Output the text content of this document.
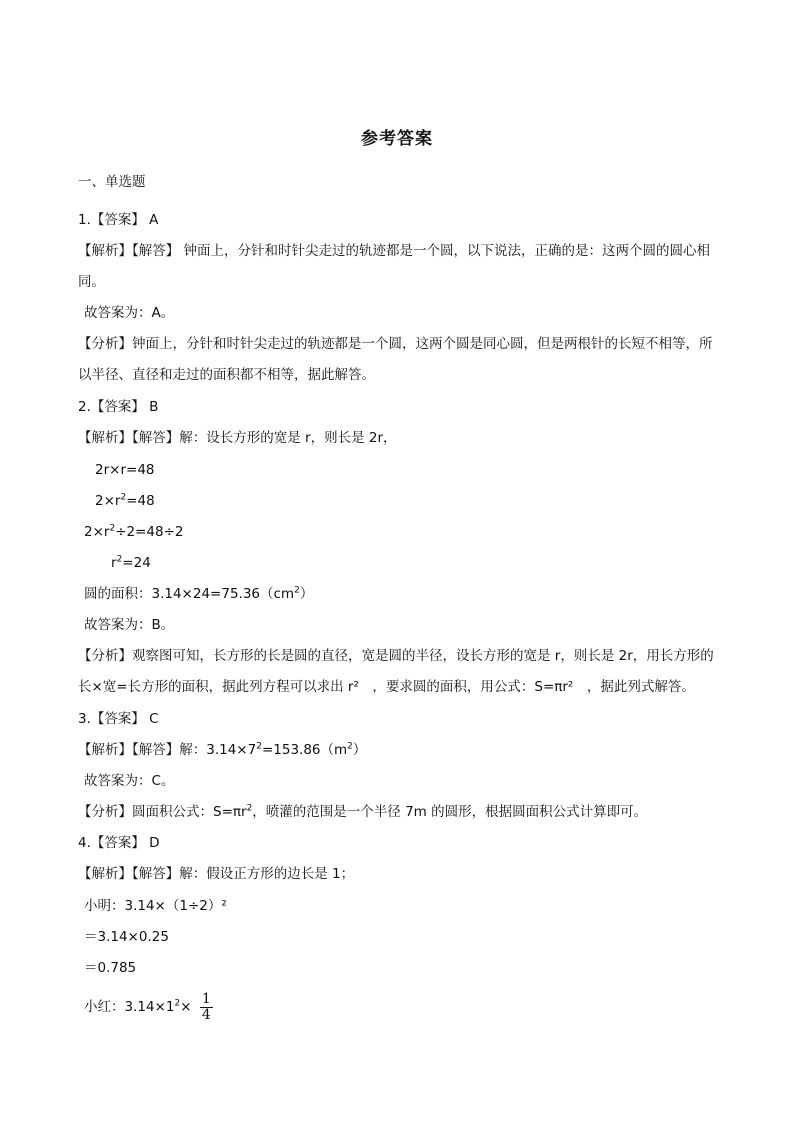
参考答案
一、单选题
1.【答案】 A
【解析】【解答】 钟面上，分针和时针尖走过的轨迹都是一个圆，以下说法，正确的是：这两个圆的圆心相同。
故答案为：A。
【分析】钟面上，分针和时针尖走过的轨迹都是一个圆，这两个圆是同心圆，但是两根针的长短不相等，所以半径、直径和走过的面积都不相等，据此解答。
2.【答案】 B
【解析】【解答】解：设长方形的宽是 r，则长是 2r，
2r×r=48
$2\times r^2=48$
$2\times r^2\div 2=48\div 2$
$r^2=24$
圆的面积：$3.14\times 24=75.36(cm^2)$
故答案为：B。
【分析】观察图可知，长方形的长是圆的直径，宽是圆的半径，设长方形的宽是 r，则长是 2r，用长方形的长×宽=长方形的面积，据此列方程可以求出 r²　，要求圆的面积，用公式：S=πr²　，据此列式解答。
3.【答案】 C
【解析】【解答】解：$3.14\times 7^2=153.86(m^2)$
故答案为：C。
【分析】圆面积公式：$S=\pi r^2$，喷灌的范围是一个半径 7m 的圆形，根据圆面积公式计算即可。
4.【答案】 D
【解析】【解答】解：假设正方形的边长是 1；
小明：3.14×（1÷2）²
＝3.14×0.25
＝0.785
小红：$3.14\times 1^2\times \frac{1}{4}$
